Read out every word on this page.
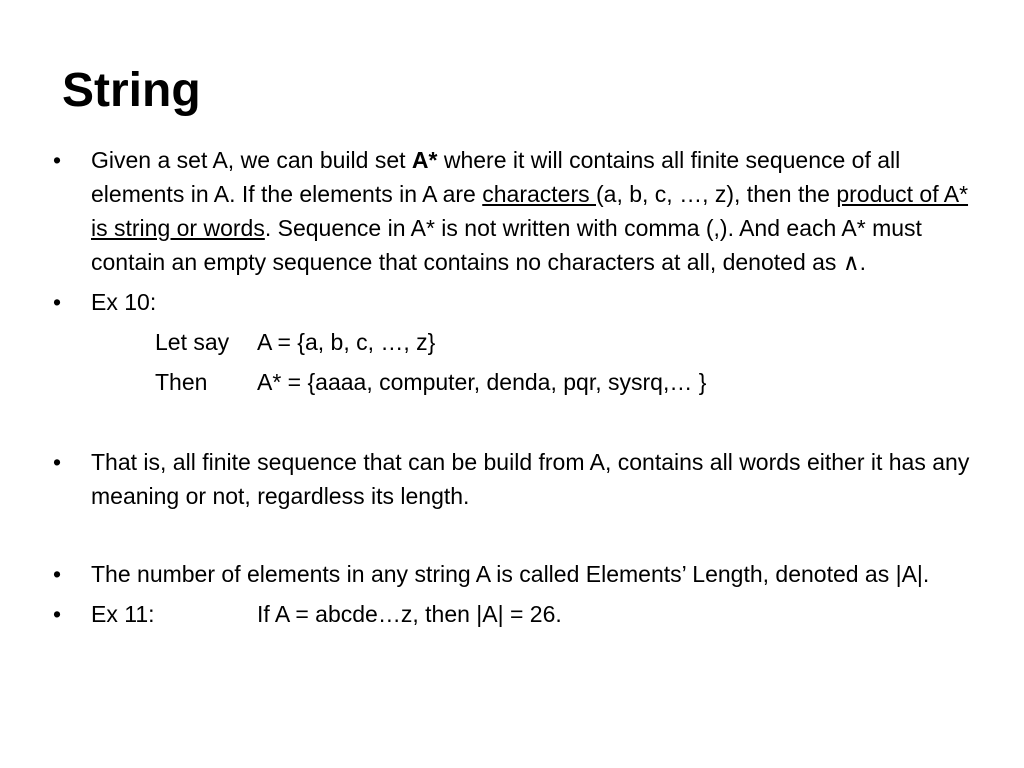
String
• Given a set A, we can build set A* where it will contains all finite sequence of all elements in A. If the elements in A are characters (a, b, c, …, z), then the product of A* is string or words. Sequence in A* is not written with comma (,). And each A* must contain an empty sequence that contains no characters at all, denoted as ∧.
• Ex 10:
Let say A = {a, b, c, …, z}
Then A* = {aaaa, computer, denda, pqr, sysrq,… }
• That is, all finite sequence that can be build from A, contains all words either it has any meaning or not, regardless its length.
• The number of elements in any string A is called Elements’ Length, denoted as |A|.
• Ex 11:	If A = abcde…z, then |A| = 26.
